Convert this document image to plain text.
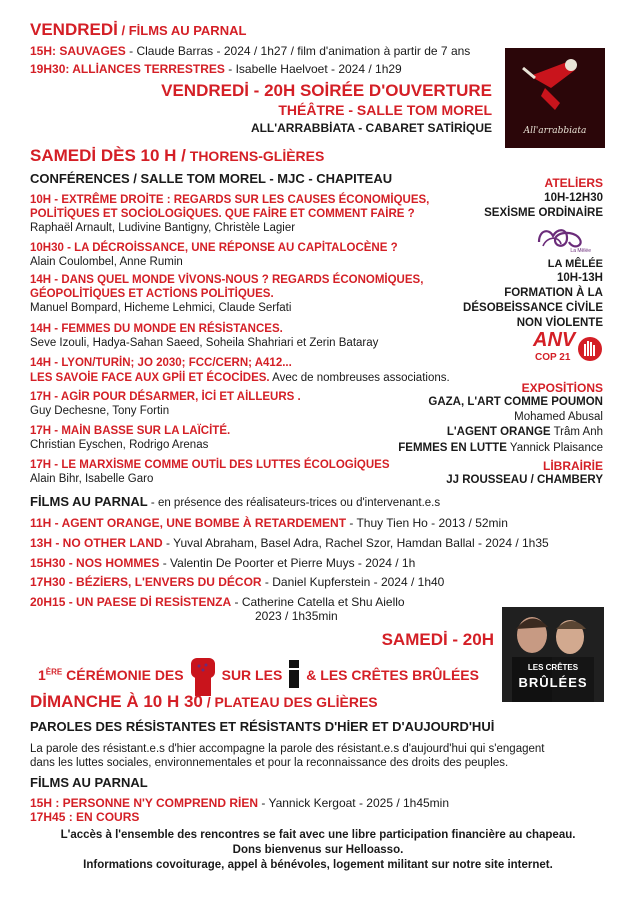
VENDREDİ / FİLMS AU PARNAL
15H: SAUVAGES - Claude Barras - 2024 / 1h27 / film d'animation à partir de 7 ans
19H30: ALLİANCES TERRESTRES - Isabelle Haelvoet - 2024 / 1h29
VENDREDİ - 20H SOİRÉE D'OUVERTURE
THÉÂTRE - SALLE TOM MOREL
ALL'ARRABBİATA - CABARET SATİRİQUE	All'arrabbiata
SAMEDİ DÈS 10 H / THORENS-GLİÈRES
CONFÉRENCES / SALLE TOM MOREL - MJC - CHAPITEAU
10H - EXTRÊME DROİTE : REGARDS SUR LES CAUSES ÉCONOMİQUES,
POLİTİQUES ET SOCİOLOGİQUES. QUE FAİRE ET COMMENT FAİRE ?
Raphaël Arnault, Ludivine Bantigny, Christèle Lagier
10H30 - LA DÉCROİSSANCE, UNE RÉPONSE AU CAPİTALOCÈNE ?
Alain Coulombel, Anne Rumin
14H - DANS QUEL MONDE VİVONS-NOUS ? REGARDS ÉCONOMİQUES,
GÉOPOLİTİQUES ET ACTİONS POLİTİQUES.
Manuel Bompard, Hicheme Lehmici, Claude Serfati
14H - FEMMES DU MONDE EN RÉSİSTANCES.
Seve Izouli, Hadya-Sahan Saeed, Soheila Shahriari et Zerin Bataray
14H - LYON/TURİN; JO 2030; FCC/CERN; A412...
LES SAVOİE FACE AUX GPİİ ET ÉCOCİDES. Avec de nombreuses associations.
17H - AGİR POUR DÉSARMER, İCİ ET AİLLEURS .
Guy Dechesne, Tony Fortin
17H - MAİN BASSE SUR LA LAÏCİTÉ.
Christian Eyschen, Rodrigo Arenas
17H - LE MARXİSME COMME OUTİL DES LUTTES ÉCOLOGİQUES
Alain Bihr, Isabelle Garo
ATELİERS
10H-12H30
SEXİSME ORDİNAİRE
La Mêlée
LA MÊLÉE
10H-13H
FORMATION À LA
DÉSOBEİSSANCE CİVİLE
NON VİOLENTE
ANV
COP 21
EXPOSİTİONS
GAZA, L'ART COMME POUMON
Mohamed Abusal
L'AGENT ORANGE Trâm Anh
FEMMES EN LUTTE Yannick Plaisance
LİBRAİRİE
JJ ROUSSEAU / CHAMBERY
FİLMS AU PARNAL - en présence des réalisateurs-trices ou d'intervenant.e.s
11H - AGENT ORANGE, UNE BOMBE À RETARDEMENT - Thuy Tien Ho - 2013 / 52min
13H - NO OTHER LAND - Yuval Abraham, Basel Adra, Rachel Szor, Hamdan Ballal - 2024 / 1h35
15H30 - NOS HOMMES - Valentin De Poorter et Pierre Muys - 2024 / 1h
17H30 - BÉZİERS, L'ENVERS DU DÉCOR - Daniel Kupferstein - 2024 / 1h40
20H15 - UN PAESE Dİ RESİSTENZA - Catherine Catella et Shu Aiello
2023 / 1h35min
SAMEDİ - 20H
1ÈRE CÉRÉMONIE DES	SUR LES & LES CRÊTES BRÛLÉES	LES CRÊTES
BRÛLÉES
DİMANCHE À 10 H 30 / PLATEAU DES GLİÈRES
PAROLES DES RÉSİSTANTES ET RÉSİSTANTS D'HİER ET D'AUJOURD'HUİ
La parole des résistant.e.s d'hier accompagne la parole des résistant.e.s d'aujourd'hui qui s'engagent
dans les luttes sociales, environnementales et pour la reconnaissance des droits des peuples.
FİLMS AU PARNAL
15H : PERSONNE N'Y COMPREND RİEN - Yannick Kergoat - 2025 / 1h45min
17H45 : EN COURS
L'accès à l'ensemble des rencontres se fait avec une libre participation financière au chapeau.
Dons bienvenus sur Helloasso.
Informations covoiturage, appel à bénévoles, logement militant sur notre site internet.
